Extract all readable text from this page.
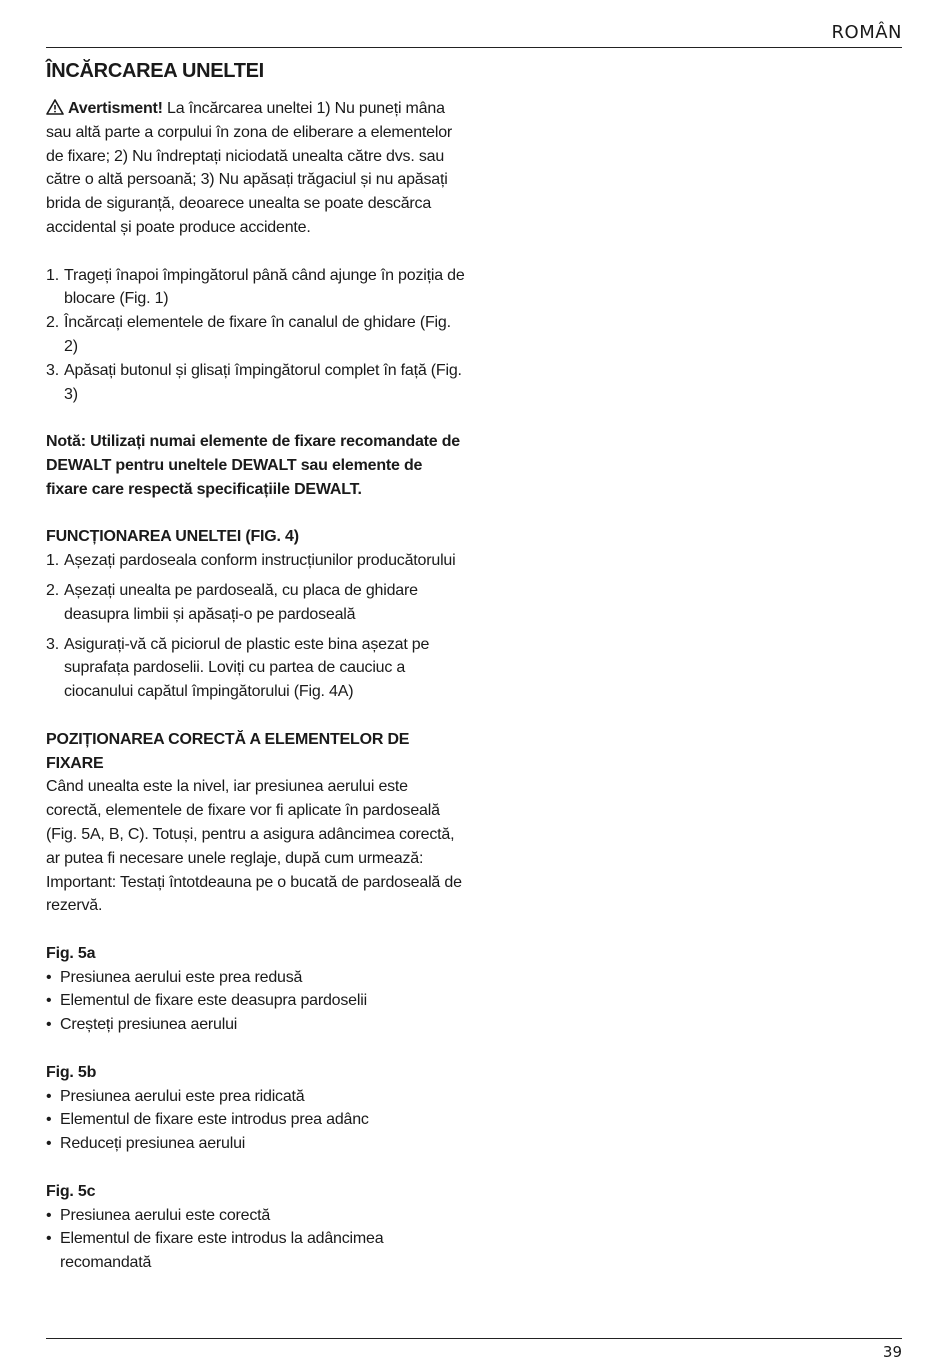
ROMÂN
ÎNCĂRCAREA UNELTEI

Avertisment! La încărcarea uneltei 1) Nu puneți mâna sau altă parte a corpului în zona de eliberare a elementelor de fixare; 2) Nu îndreptați niciodată unealta către dvs. sau către o altă persoană; 3) Nu apăsați trăgaciul și nu apăsați brida de siguranță, deoarece unealta se poate descărca accidental și poate produce accidente.

1. Trageți înapoi împingătorul până când ajunge în poziția de blocare (Fig. 1)
2. Încărcați elementele de fixare în canalul de ghidare (Fig. 2)
3. Apăsați butonul și glisați împingătorul complet în față (Fig. 3)

Notă: Utilizați numai elemente de fixare recomandate de DEWALT pentru uneltele DEWALT sau elemente de fixare care respectă specificațiile DEWALT.

FUNCȚIONAREA UNELTEI (FIG. 4)
1. Așezați pardoseala conform instrucțiunilor producătorului
2. Așezați unealta pe pardoseală, cu placa de ghidare deasupra limbii și apăsați-o pe pardoseală
3. Asigurați-vă că piciorul de plastic este bina așezat pe suprafața pardoselii. Loviți cu partea de cauciuc a ciocanului capătul împingătorului (Fig. 4A)
POZIȚIONAREA CORECTĂ A ELEMENTELOR DE FIXARE

Când unealta este la nivel, iar presiunea aerului este corectă, elementele de fixare vor fi aplicate în pardoseală (Fig. 5A, B, C). Totuși, pentru a asigura adâncimea corectă, ar putea fi necesare unele reglaje, după cum urmează:

Important: Testați întotdeauna pe o bucată de pardoseală de rezervă.

Fig. 5a
• Presiunea aerului este prea redusă
• Elementul de fixare este deasupra pardoselii
• Creșteți presiunea aerului
Fig. 5b
• Presiunea aerului este prea ridicată
• Elementul de fixare este introdus prea adânc
• Reduceți presiunea aerului
Fig. 5c
• Presiunea aerului este corectă
• Elementul de fixare este introdus la adâncimea recomandată
39
